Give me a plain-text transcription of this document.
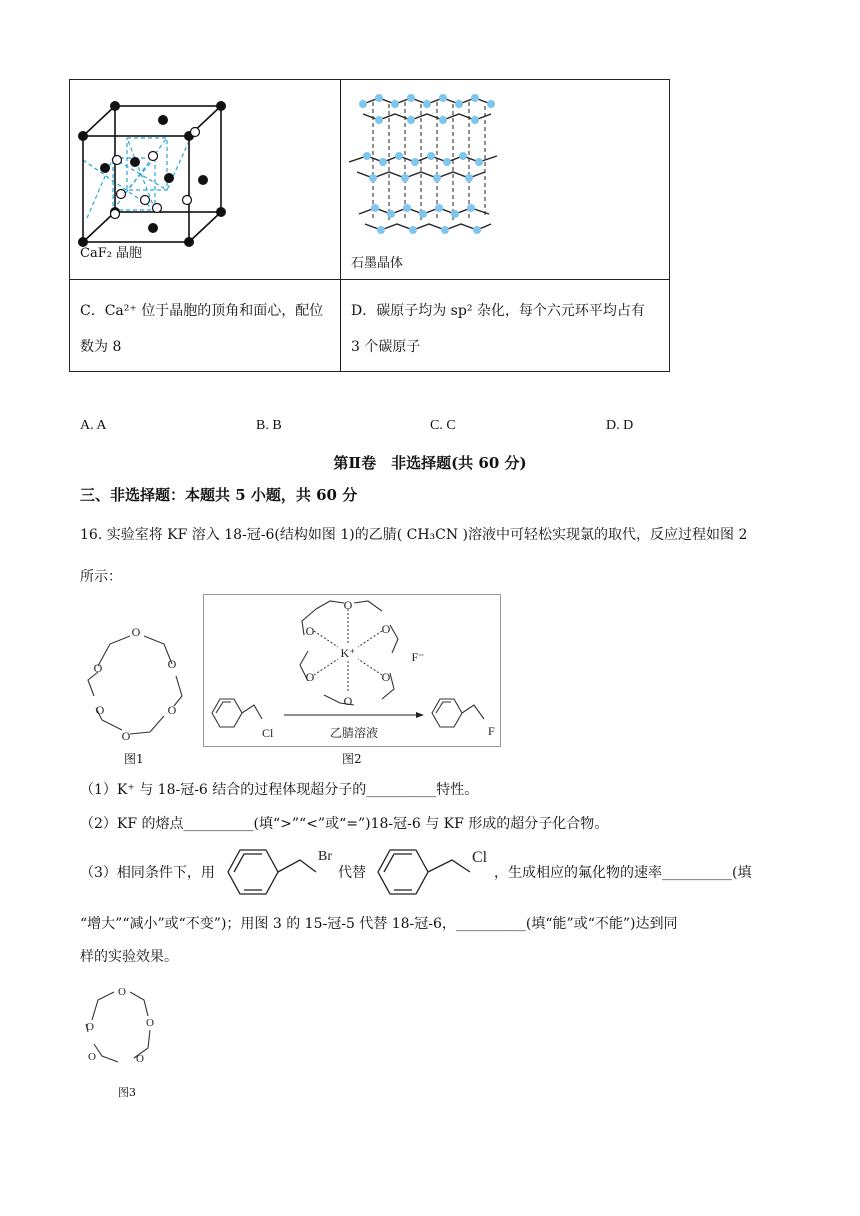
CaF₂ 晶胞	石墨晶体

C．Ca²⁺ 位于晶胞的顶角和面心，配位
数为 8	D．碳原子均为 sp² 杂化，每个六元环平均占有
3 个碳原子
A. A	B. B	C. C	D. D
第Ⅱ卷　非选择题(共 60 分)
三、非选择题：本题共 5 小题，共 60 分
16. 实验室将 KF 溶入 18-冠-6(结构如图 1)的乙腈( CH₃CN )溶液中可轻松实现氯的取代，反应过程如图 2
所示：
O
O
O
O
O
O
图1
O
O
O
O
O
O
K⁺	F⁻
Cl	乙腈溶液	F
图2
（1）K⁺ 与 18-冠-6 结合的过程体现超分子的__________特性。
（2）KF 的熔点__________(填“>”“<”或“=”)18-冠-6 与 KF 形成的超分子化合物。
（3）相同条件下，用
Br
代替
Cl
，生成相应的氟化物的速率__________(填
“增大”“减小”或“不变”)；用图 3 的 15-冠-5 代替 18-冠-6，__________(填“能”或“不能”)达到同
样的实验效果。
O
O
O
O
O
图3
